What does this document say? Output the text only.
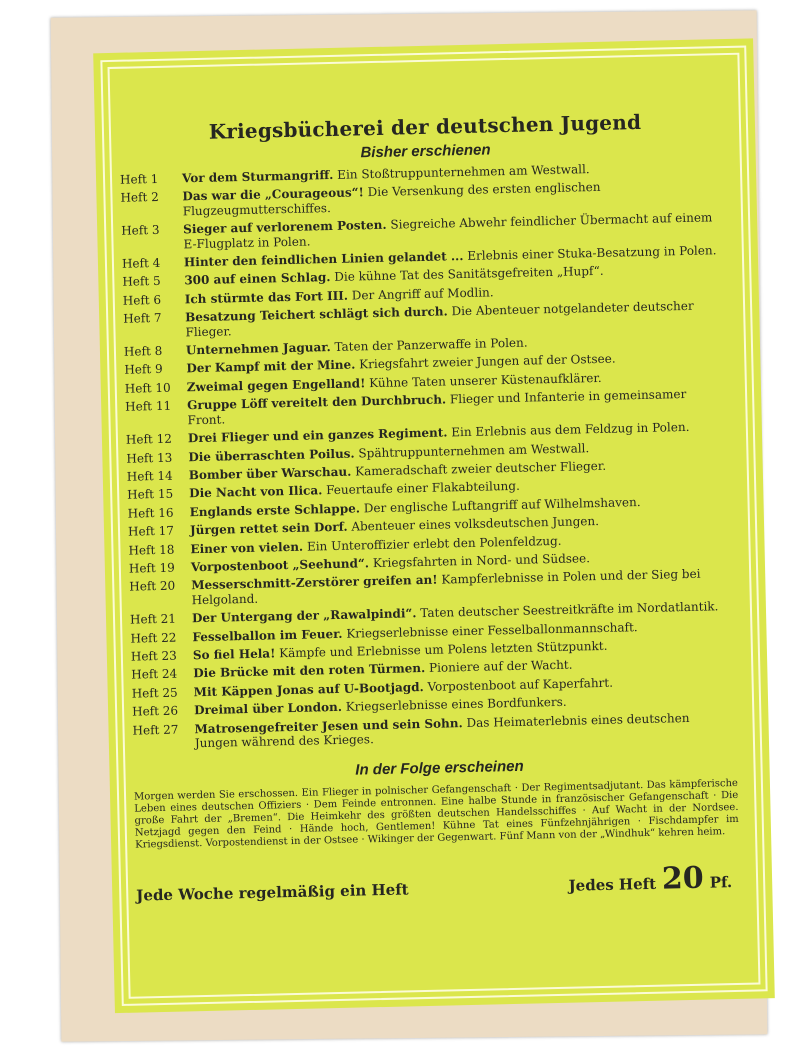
Kriegsbücherei der deutschen Jugend
Bisher erschienen
Heft 1	Vor dem Sturmangriff. Ein Stoßtruppunternehmen am Westwall.
Heft 2	Das war die „Courageous“! Die Versenkung des ersten englischen Flugzeugmutterschiffes.
Heft 3	Sieger auf verlorenem Posten. Siegreiche Abwehr feindlicher Übermacht auf einem E-Flugplatz in Polen.
Heft 4	Hinter den feindlichen Linien gelandet ... Erlebnis einer Stuka-Besatzung in Polen.
Heft 5	300 auf einen Schlag. Die kühne Tat des Sanitätsgefreiten „Hupf“.
Heft 6	Ich stürmte das Fort III. Der Angriff auf Modlin.
Heft 7	Besatzung Teichert schlägt sich durch. Die Abenteuer notgelandeter deutscher Flieger.
Heft 8	Unternehmen Jaguar. Taten der Panzerwaffe in Polen.
Heft 9	Der Kampf mit der Mine. Kriegsfahrt zweier Jungen auf der Ostsee.
Heft 10	Zweimal gegen Engelland! Kühne Taten unserer Küstenaufklärer.
Heft 11	Gruppe Löff vereitelt den Durchbruch. Flieger und Infanterie in gemeinsamer Front.
Heft 12	Drei Flieger und ein ganzes Regiment. Ein Erlebnis aus dem Feldzug in Polen.
Heft 13	Die überraschten Poilus. Spähtruppunternehmen am Westwall.
Heft 14	Bomber über Warschau. Kameradschaft zweier deutscher Flieger.
Heft 15	Die Nacht von Ilica. Feuertaufe einer Flakabteilung.
Heft 16	Englands erste Schlappe. Der englische Luftangriff auf Wilhelmshaven.
Heft 17	Jürgen rettet sein Dorf. Abenteuer eines volksdeutschen Jungen.
Heft 18	Einer von vielen. Ein Unteroffizier erlebt den Polenfeldzug.
Heft 19	Vorpostenboot „Seehund“. Kriegsfahrten in Nord- und Südsee.
Heft 20	Messerschmitt-Zerstörer greifen an! Kampferlebnisse in Polen und der Sieg bei Helgoland.
Heft 21	Der Untergang der „Rawalpindi“. Taten deutscher Seestreitkräfte im Nordatlantik.
Heft 22	Fesselballon im Feuer. Kriegserlebnisse einer Fesselballonmannschaft.
Heft 23	So fiel Hela! Kämpfe und Erlebnisse um Polens letzten Stützpunkt.
Heft 24	Die Brücke mit den roten Türmen. Pioniere auf der Wacht.
Heft 25	Mit Käppen Jonas auf U-Bootjagd. Vorpostenboot auf Kaperfahrt.
Heft 26	Dreimal über London. Kriegserlebnisse eines Bordfunkers.
Heft 27	Matrosengefreiter Jesen und sein Sohn. Das Heimaterlebnis eines deutschen Jungen während des Krieges.
In der Folge erscheinen
Morgen werden Sie erschossen. Ein Flieger in polnischer Gefangenschaft · Der Regimentsadjutant. Das kämpferische Leben eines deutschen Offiziers · Dem Feinde entronnen. Eine halbe Stunde in französischer Gefangenschaft · Die große Fahrt der „Bremen“. Die Heimkehr des größten deutschen Handelsschiffes · Auf Wacht in der Nordsee. Netzjagd gegen den Feind · Hände hoch, Gentlemen! Kühne Tat eines Fünfzehnjährigen · Fischdampfer im Kriegsdienst. Vorpostendienst in der Ostsee · Wikinger der Gegenwart. Fünf Mann von der „Windhuk“ kehren heim.
Jede Woche regelmäßig ein Heft	Jedes Heft 20 Pf.
